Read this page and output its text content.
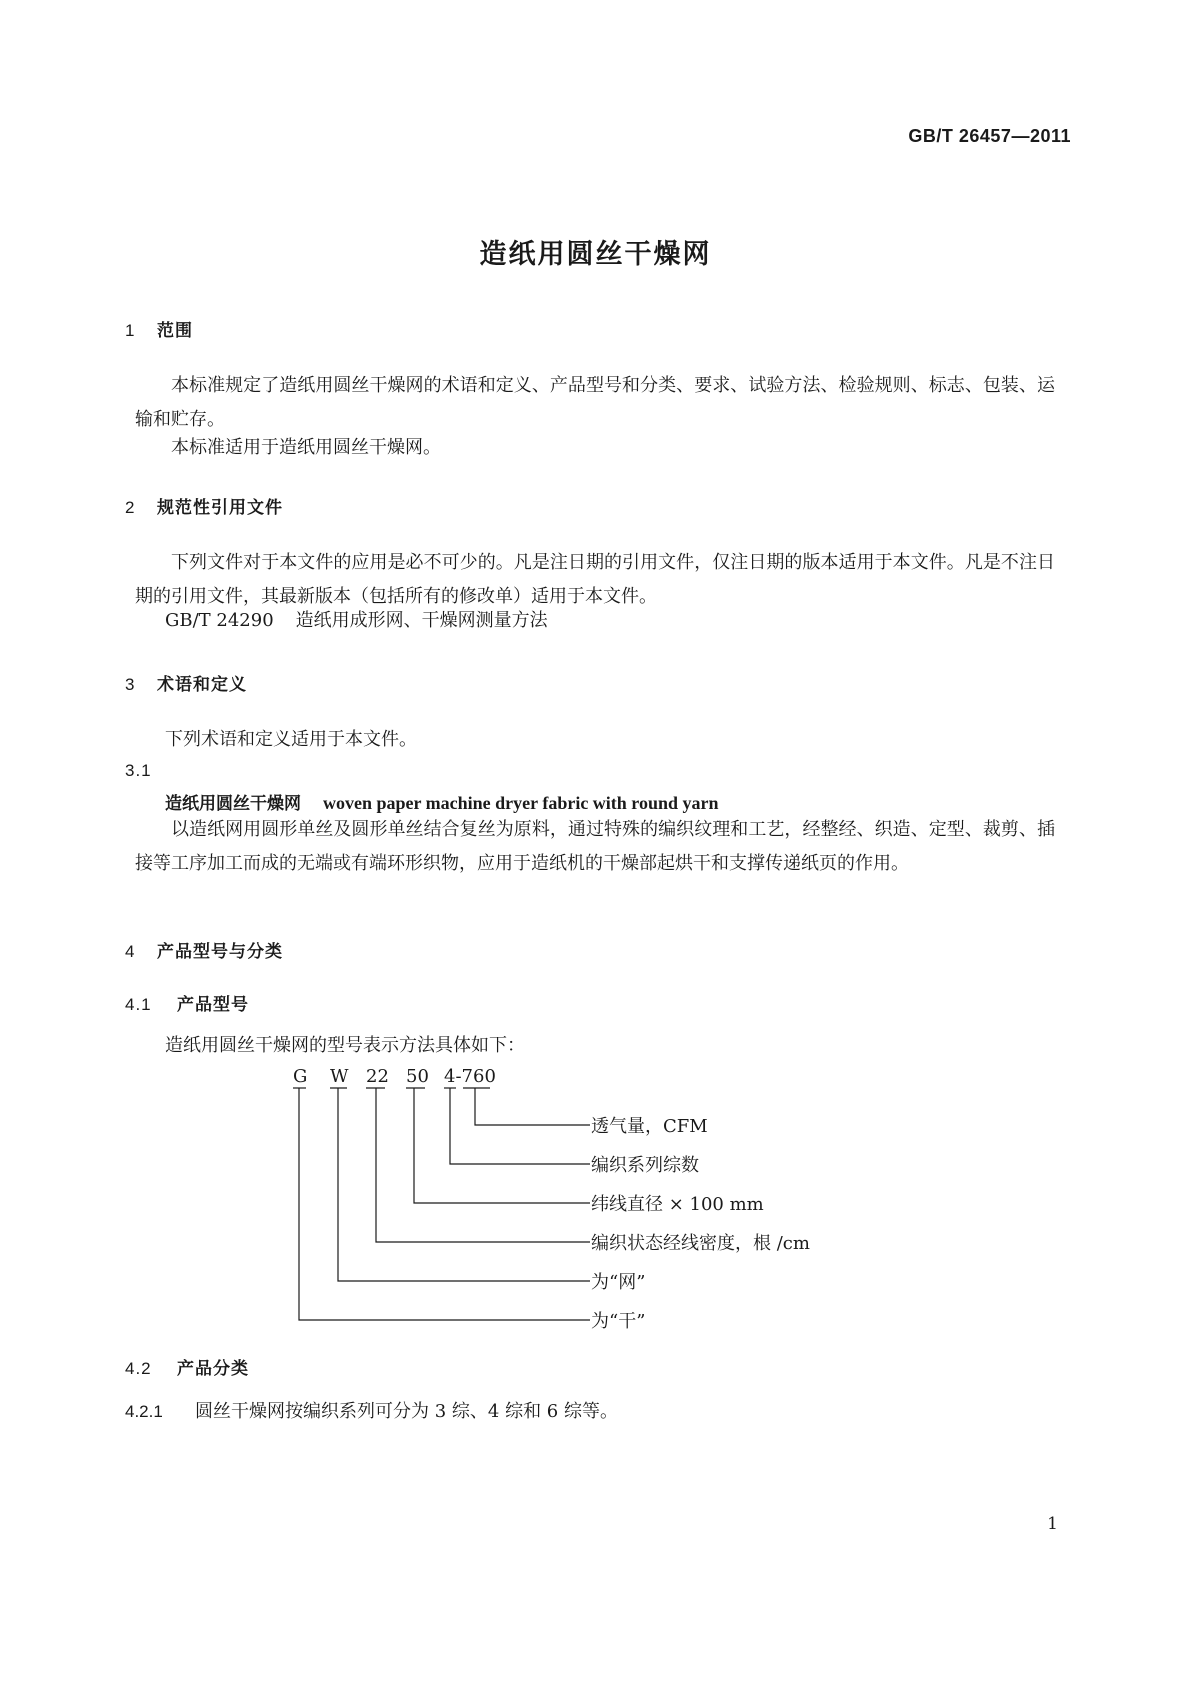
GB/T 26457—2011
造纸用圆丝干燥网
1 范围
本标准规定了造纸用圆丝干燥网的术语和定义、产品型号和分类、要求、试验方法、检验规则、标志、包装、运输和贮存。
本标准适用于造纸用圆丝干燥网。
2 规范性引用文件
下列文件对于本文件的应用是必不可少的。凡是注日期的引用文件，仅注日期的版本适用于本文件。凡是不注日期的引用文件，其最新版本（包括所有的修改单）适用于本文件。
GB/T 24290 造纸用成形网、干燥网测量方法
3 术语和定义
下列术语和定义适用于本文件。
3.1
造纸用圆丝干燥网 woven paper machine dryer fabric with round yarn
以造纸网用圆形单丝及圆形单丝结合复丝为原料，通过特殊的编织纹理和工艺，经整经、织造、定型、裁剪、插接等工序加工而成的无端或有端环形织物，应用于造纸机的干燥部起烘干和支撑传递纸页的作用。
4 产品型号与分类
4.1 产品型号
造纸用圆丝干燥网的型号表示方法具体如下：
G W 22 50 4-760
透气量，CFM
编织系列综数
纬线直径 × 100 mm
编织状态经线密度，根 /cm
为“网”
为“干”
4.2 产品分类
4.2.1 圆丝干燥网按编织系列可分为 3 综、4 综和 6 综等。
1
